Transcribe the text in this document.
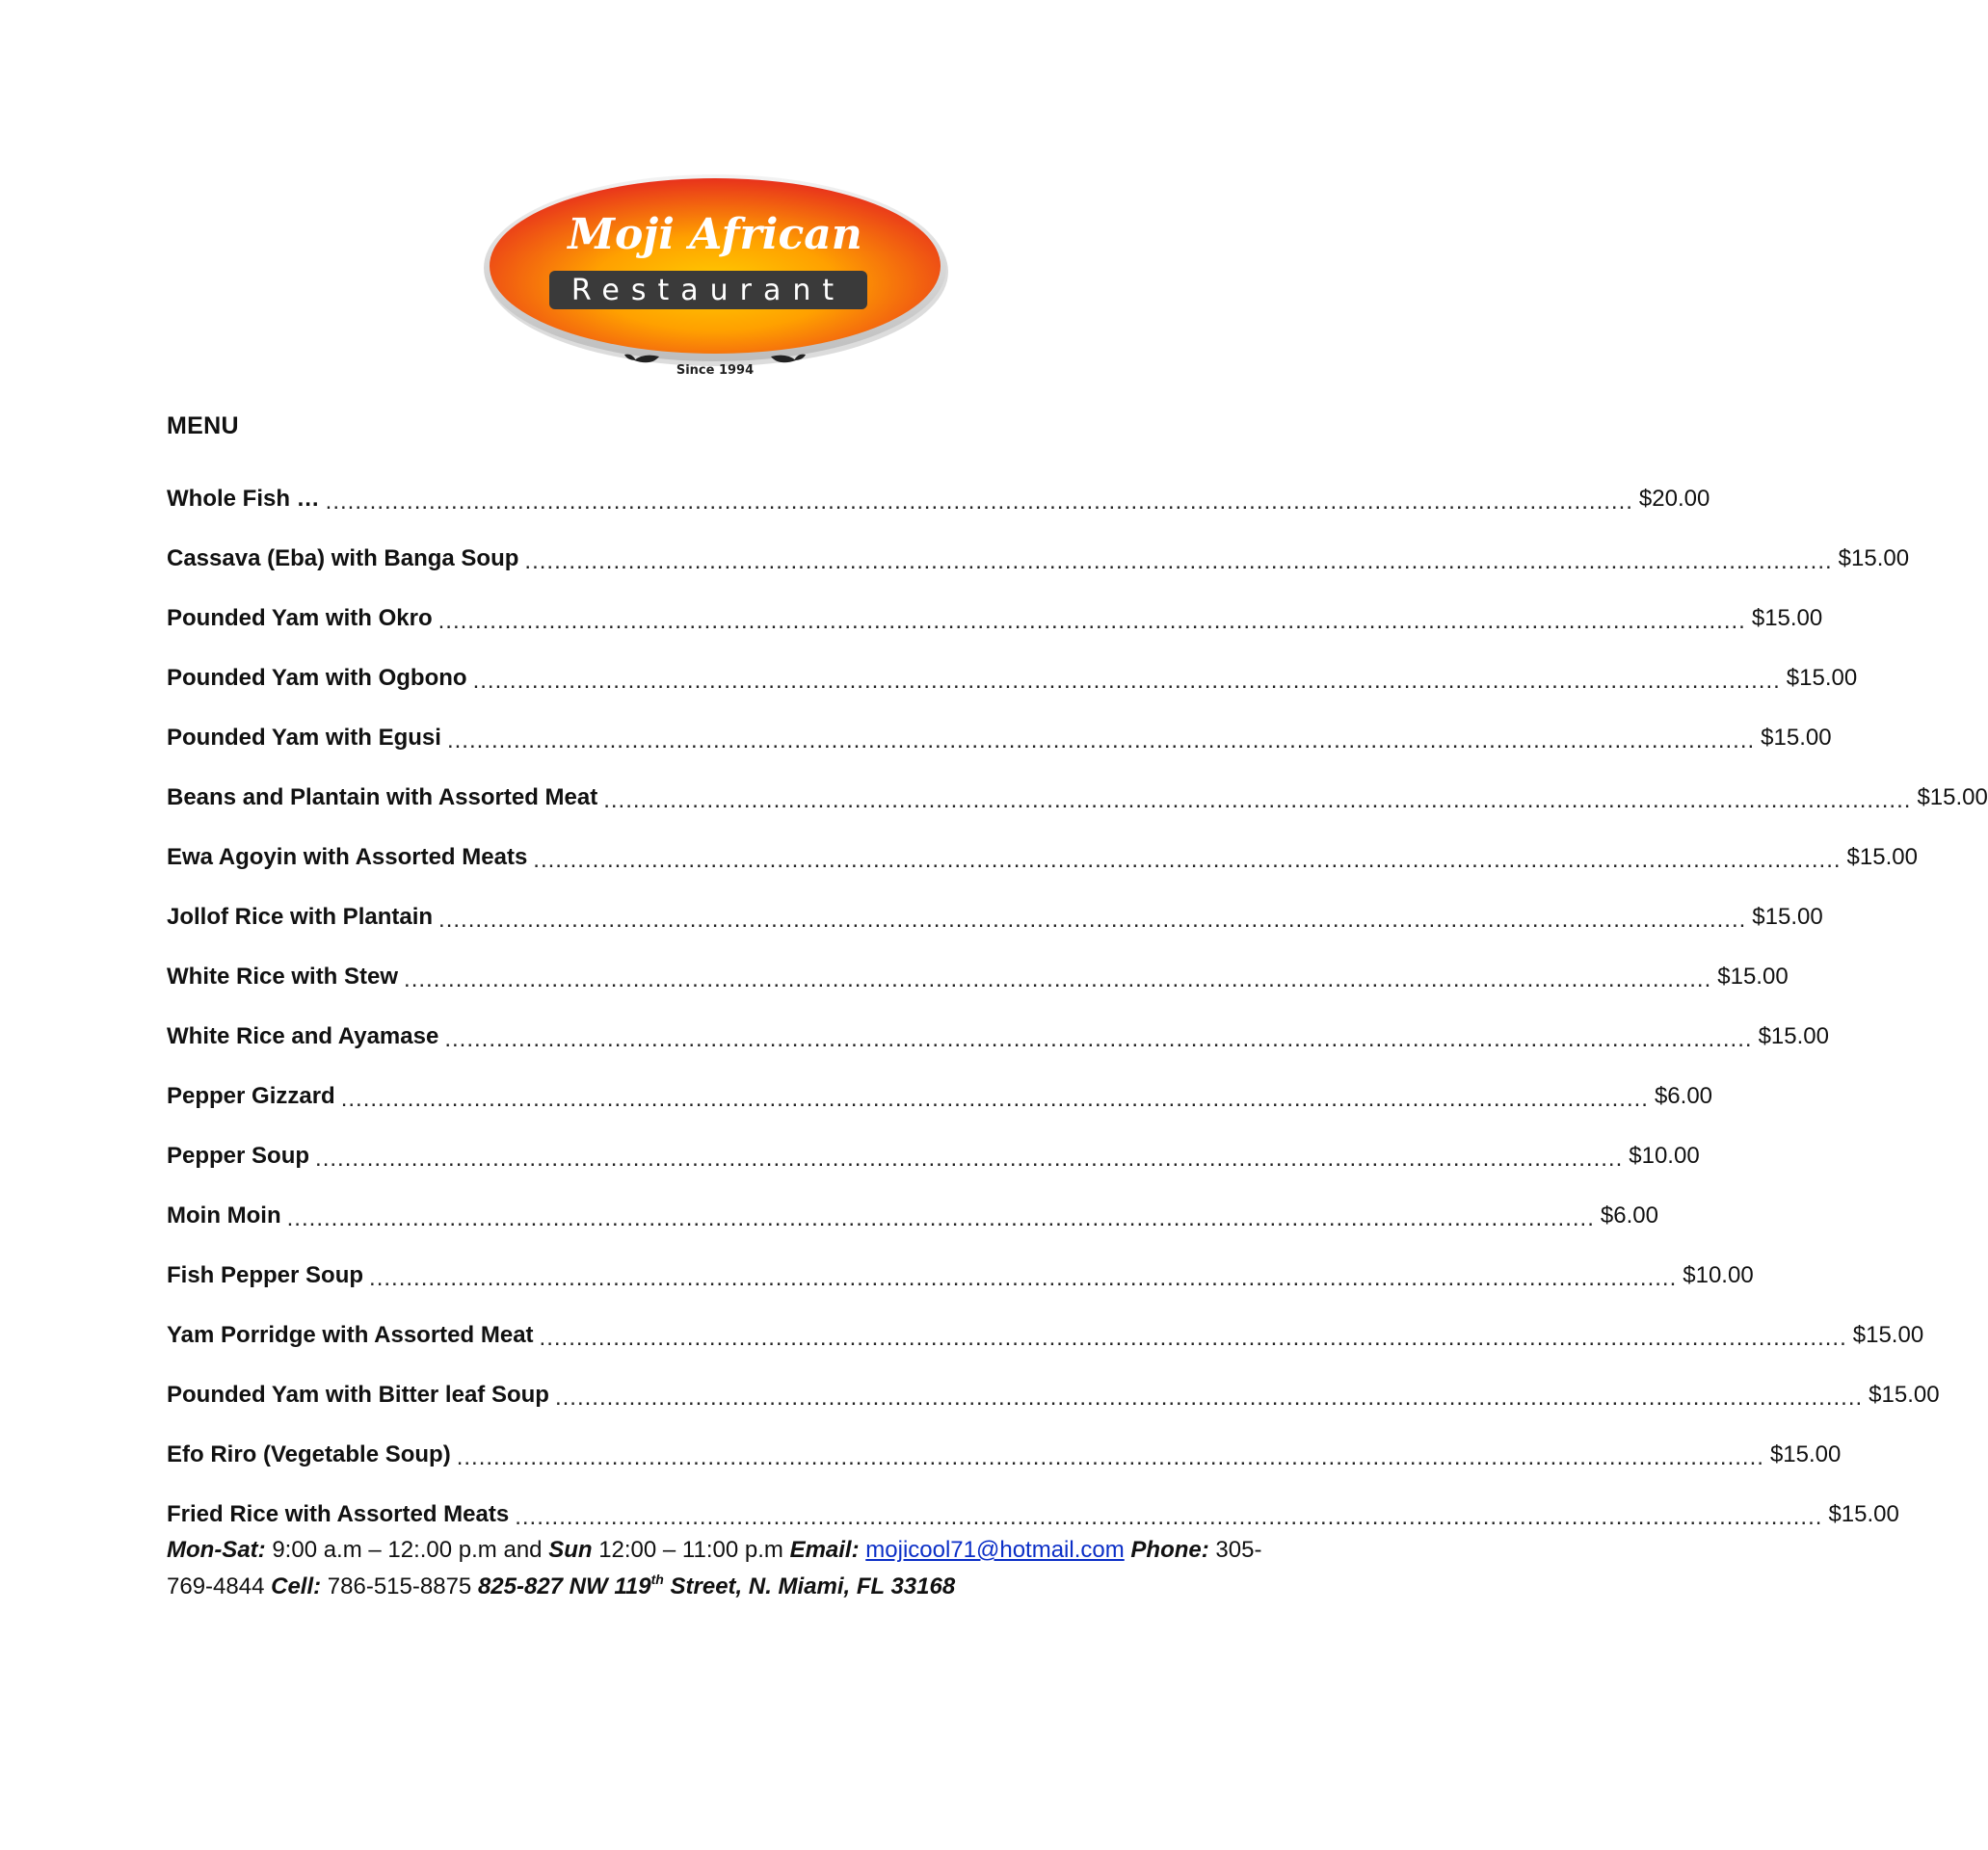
Moji African
Restaurant
Since 1994
MENU
Whole Fish … ................................................................................................................................................................................. $20.00
Cassava (Eba) with Banga Soup ................................................................................................................................................................................. $15.00
Pounded Yam with Okro ................................................................................................................................................................................. $15.00
Pounded Yam with Ogbono ................................................................................................................................................................................. $15.00
Pounded Yam with Egusi ................................................................................................................................................................................. $15.00
Beans and Plantain with Assorted Meat ................................................................................................................................................................................. $15.00
Ewa Agoyin with Assorted Meats ................................................................................................................................................................................. $15.00
Jollof Rice with Plantain ................................................................................................................................................................................. $15.00
White Rice with Stew ................................................................................................................................................................................. $15.00
White Rice and Ayamase ................................................................................................................................................................................. $15.00
Pepper Gizzard ................................................................................................................................................................................. $6.00
Pepper Soup ................................................................................................................................................................................. $10.00
Moin Moin ................................................................................................................................................................................. $6.00
Fish Pepper Soup ................................................................................................................................................................................. $10.00
Yam Porridge with Assorted Meat ................................................................................................................................................................................. $15.00
Pounded Yam with Bitter leaf Soup ................................................................................................................................................................................. $15.00
Efo Riro (Vegetable Soup) ................................................................................................................................................................................. $15.00
Fried Rice with Assorted Meats ................................................................................................................................................................................. $15.00
Mon-Sat: 9:00 a.m – 12:.00 p.m and Sun 12:00 – 11:00 p.m Email: mojicool71@hotmail.com Phone: 305-769-4844 Cell: 786-515-8875 825-827 NW 119th Street, N. Miami, FL 33168
